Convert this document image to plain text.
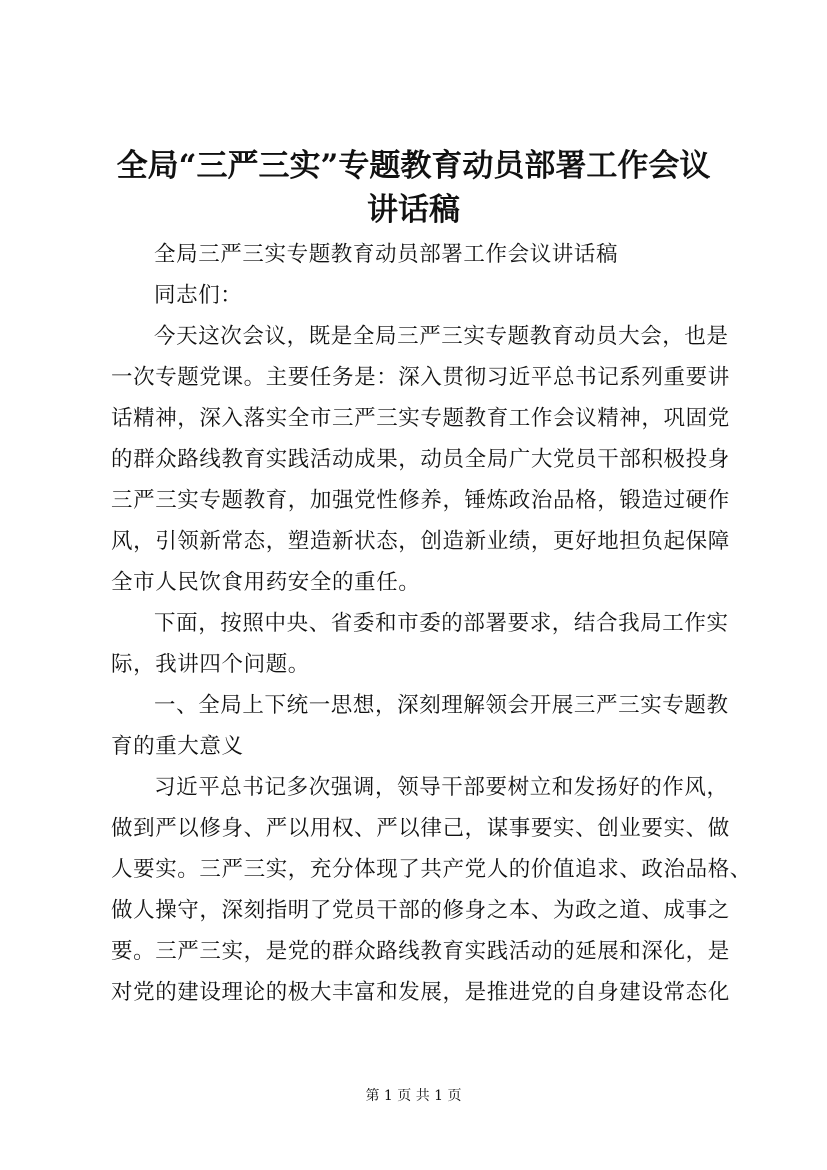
全局“三严三实”专题教育动员部署工作会议
讲话稿
全局三严三实专题教育动员部署工作会议讲话稿
同志们：
今天这次会议，既是全局三严三实专题教育动员大会，也是
一次专题党课。主要任务是：深入贯彻习近平总书记系列重要讲
话精神，深入落实全市三严三实专题教育工作会议精神，巩固党
的群众路线教育实践活动成果，动员全局广大党员干部积极投身
三严三实专题教育，加强党性修养，锤炼政治品格，锻造过硬作
风，引领新常态，塑造新状态，创造新业绩，更好地担负起保障
全市人民饮食用药安全的重任。
下面，按照中央、省委和市委的部署要求，结合我局工作实
际，我讲四个问题。
一、全局上下统一思想，深刻理解领会开展三严三实专题教
育的重大意义
习近平总书记多次强调，领导干部要树立和发扬好的作风，
做到严以修身、严以用权、严以律己，谋事要实、创业要实、做
人要实。三严三实，充分体现了共产党人的价值追求、政治品格、
做人操守，深刻指明了党员干部的修身之本、为政之道、成事之
要。三严三实，是党的群众路线教育实践活动的延展和深化，是
对党的建设理论的极大丰富和发展，是推进党的自身建设常态化
第 1 页 共 1 页
